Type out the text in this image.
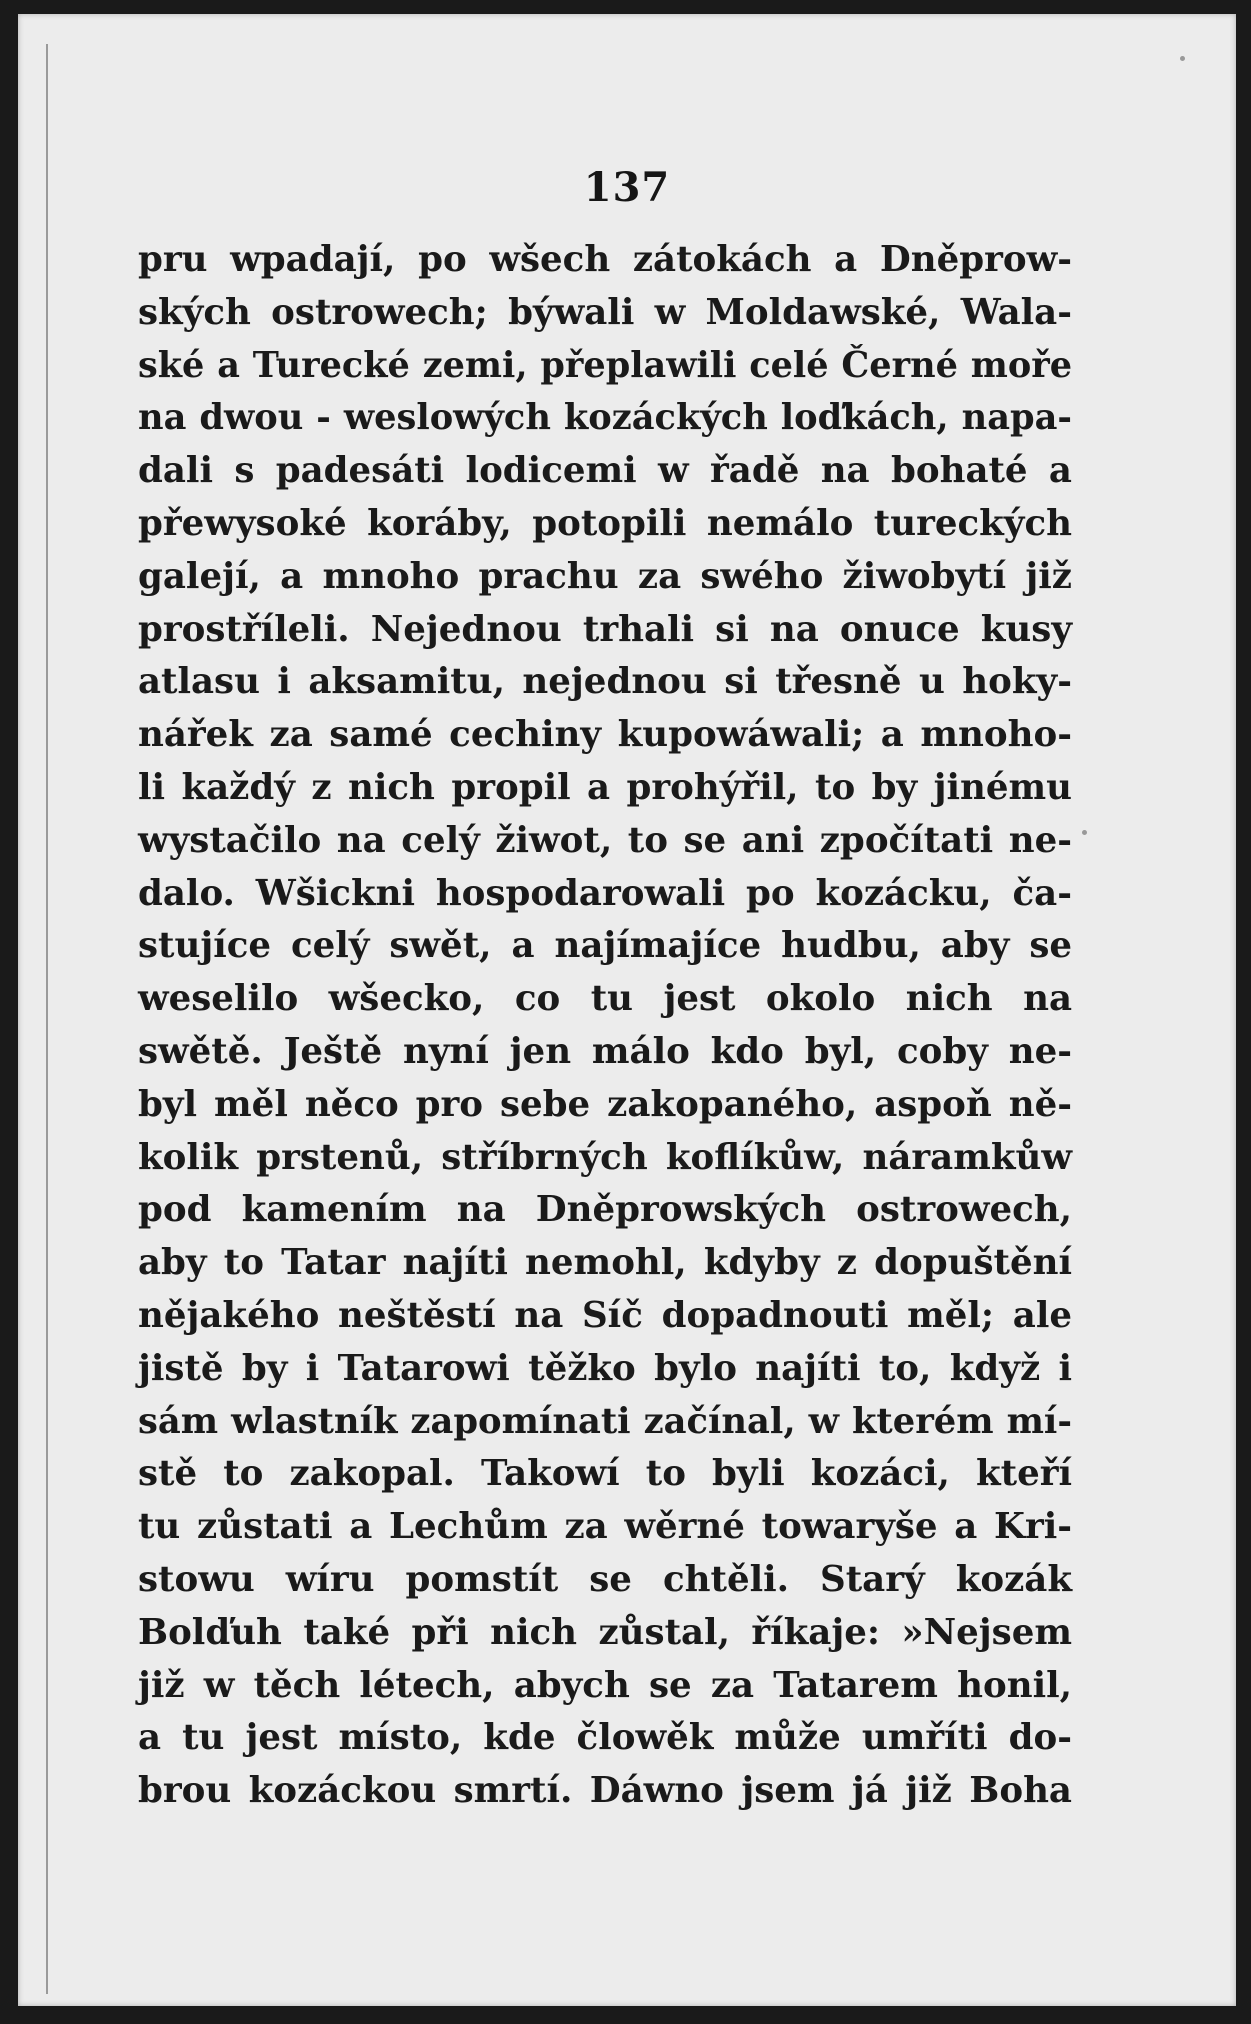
137
pru wpadají, po wšech zátokách a Dněprow-
ských ostrowech; býwali w Moldawské, Wala-
ské a Turecké zemi, přeplawili celé Černé moře
na dwou - weslowých kozáckých loďkách, napa-
dali s padesáti lodicemi w řadě na bohaté a
přewysoké koráby, potopili nemálo tureckých
galejí, a mnoho prachu za swého žiwobytí již
prostříleli. Nejednou trhali si na onuce kusy
atlasu i aksamitu, nejednou si třesně u hoky-
nářek za samé cechiny kupowáwali; a mnoho-
li každý z nich propil a prohýřil, to by jinému
wystačilo na celý žiwot, to se ani zpočítati ne-
dalo. Wšickni hospodarowali po kozácku, ča-
stujíce celý swět, a najímajíce hudbu, aby se
weselilo wšecko, co tu jest okolo nich na
swětě. Ještě nyní jen málo kdo byl, coby ne-
byl měl něco pro sebe zakopaného, aspoň ně-
kolik prstenů, stříbrných koflíkůw, náramkůw
pod kamením na Dněprowských ostrowech,
aby to Tatar najíti nemohl, kdyby z dopuštění
nějakého neštěstí na Síč dopadnouti měl; ale
jistě by i Tatarowi těžko bylo najíti to, když i
sám wlastník zapomínati začínal, w kterém mí-
stě to zakopal. Takowí to byli kozáci, kteří
tu zůstati a Lechům za wěrné towaryše a Kri-
stowu wíru pomstít se chtěli. Starý kozák
Bolďuh také při nich zůstal, říkaje: »Nejsem
již w těch létech, abych se za Tatarem honil,
a tu jest místo, kde člowěk může umříti do-
brou kozáckou smrtí. Dáwno jsem já již Boha
